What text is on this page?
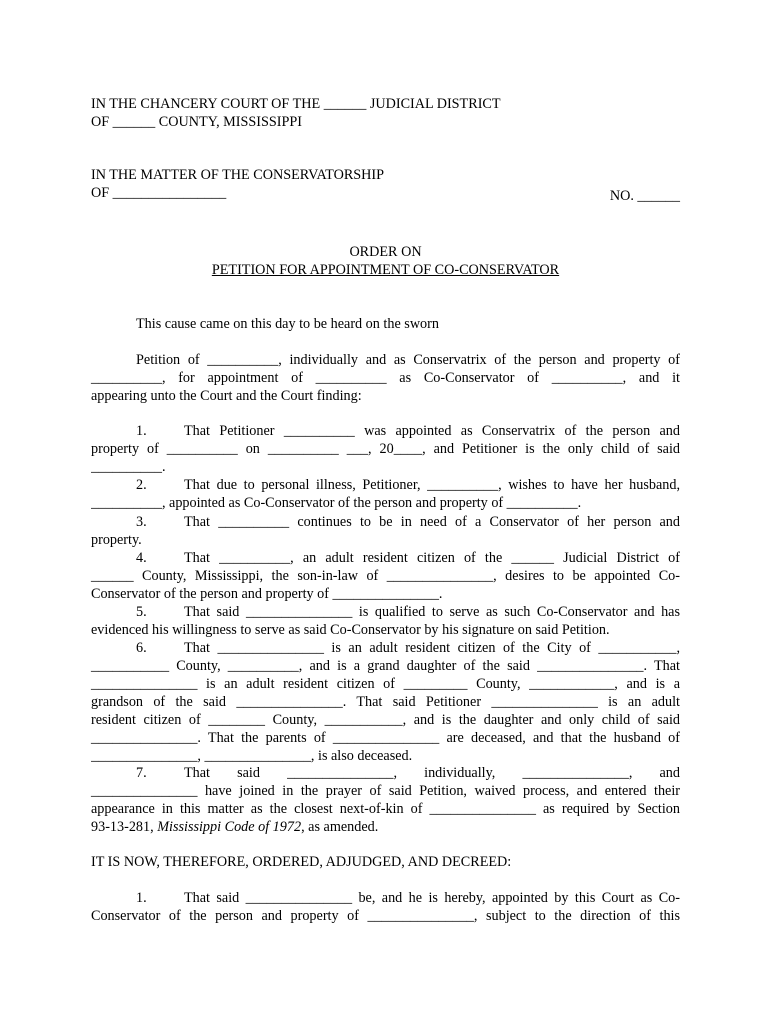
IN THE CHANCERY COURT OF THE ______ JUDICIAL DISTRICT
OF ______ COUNTY, MISSISSIPPI
IN THE MATTER OF THE CONSERVATORSHIP
OF ________________	NO. ______
ORDER ON
PETITION FOR APPOINTMENT OF CO-CONSERVATOR
This cause came on this day to be heard on the sworn
Petition of __________, individually and as Conservatrix of the person and property of
__________, for appointment of __________ as Co-Conservator of __________, and it
appearing unto the Court and the Court finding:
1.	That Petitioner __________ was appointed as Conservatrix of the person and
property of __________ on __________ ___, 20____, and Petitioner is the only child of said
__________.
2.	That due to personal illness, Petitioner, __________, wishes to have her husband,
__________, appointed as Co-Conservator of the person and property of __________.
3.	That __________ continues to be in need of a Conservator of her person and
property.
4.	That __________, an adult resident citizen of the ______ Judicial District of
______ County, Mississippi, the son-in-law of _______________, desires to be appointed Co-
Conservator of the person and property of _______________.
5.	That said _______________ is qualified to serve as such Co-Conservator and has
evidenced his willingness to serve as said Co-Conservator by his signature on said Petition.
6.	That _______________ is an adult resident citizen of the City of ___________,
___________ County, __________, and is a grand daughter of the said _______________. That
_______________ is an adult resident citizen of _________ County, ____________, and is a
grandson of the said _______________. That said Petitioner _______________ is an adult
resident citizen of ________ County, ___________, and is the daughter and only child of said
_______________. That the parents of _______________ are deceased, and that the husband of
_______________, _______________, is also deceased.
7.	That said _______________, individually, _______________, and
_______________ have joined in the prayer of said Petition, waived process, and entered their
appearance in this matter as the closest next-of-kin of _______________ as required by Section
93-13-281, Mississippi Code of 1972, as amended.
IT IS NOW, THEREFORE, ORDERED, ADJUDGED, AND DECREED:
1.	That said _______________ be, and he is hereby, appointed by this Court as Co-
Conservator of the person and property of _______________, subject to the direction of this
